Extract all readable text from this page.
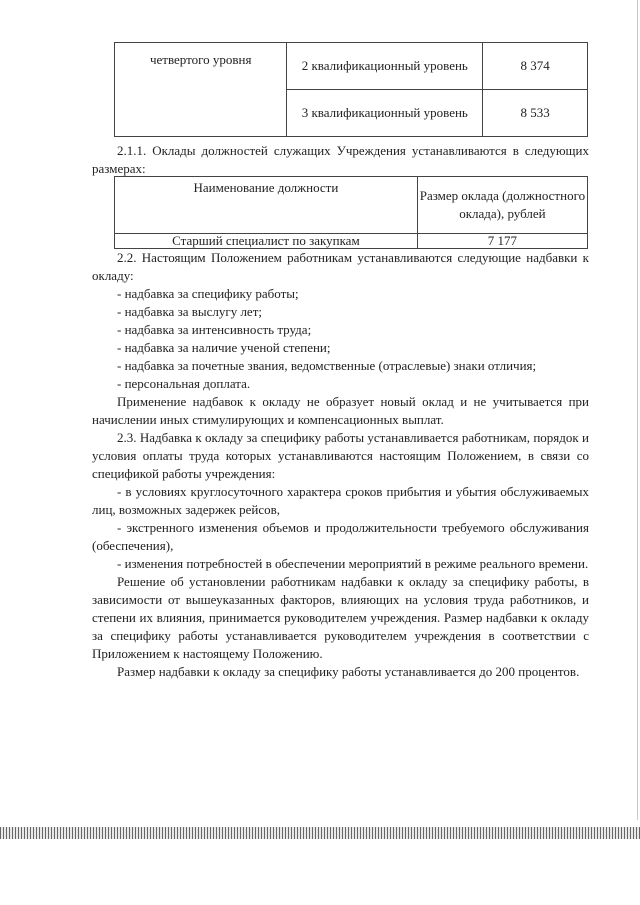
четвертого уровня	2 квалификационный уровень	8 374
	3 квалификационный уровень	8 533

2.1.1. Оклады должностей служащих Учреждения устанавливаются в следующих размерах:

Наименование должности	Размер оклада (должностного оклада), рублей
Старший специалист по закупкам	7 177

2.2. Настоящим Положением работникам устанавливаются следующие надбавки к окладу:

- надбавка за специфику работы;

- надбавка за выслугу лет;

- надбавка за интенсивность труда;

- надбавка за наличие ученой степени;

- надбавка за почетные звания, ведомственные (отраслевые) знаки отличия;

- персональная доплата.

Применение надбавок к окладу не образует новый оклад и не учитывается при начислении иных стимулирующих и компенсационных выплат.

2.3. Надбавка к окладу за специфику работы устанавливается работникам, порядок и условия оплаты труда которых устанавливаются настоящим Положением, в связи со спецификой работы учреждения:

- в условиях круглосуточного характера сроков прибытия и убытия обслуживаемых лиц, возможных задержек рейсов,

- экстренного изменения объемов и продолжительности требуемого обслуживания (обеспечения),

- изменения потребностей в обеспечении мероприятий в режиме реального времени.

Решение об установлении работникам надбавки к окладу за специфику работы, в зависимости от вышеуказанных факторов, влияющих на условия труда работников, и степени их влияния, принимается руководителем учреждения. Размер надбавки к окладу за специфику работы устанавливается руководителем учреждения в соответствии с Приложением к настоящему Положению.

Размер надбавки к окладу за специфику работы устанавливается до 200 процентов.
